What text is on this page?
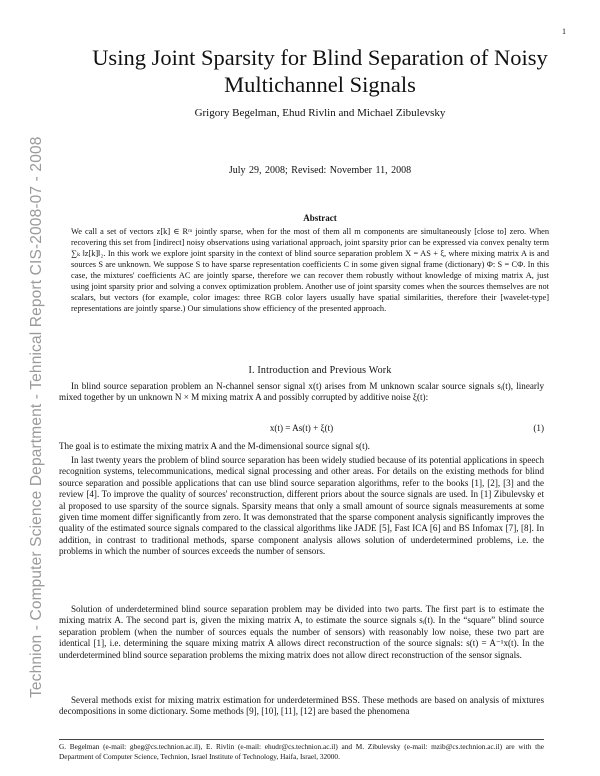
1
Technion - Computer Science Department - Tehnical Report CIS-2008-07 - 2008
Using Joint Sparsity for Blind Separation of Noisy Multichannel Signals
Grigory Begelman, Ehud Rivlin and Michael Zibulevsky
July 29, 2008; Revised: November 11, 2008
Abstract

We call a set of vectors z[k] ∈ Rᵐ jointly sparse, when for the most of them all m components are simultaneously [close to] zero. When recovering this set from [indirect] noisy observations using variational approach, joint sparsity prior can be expressed via convex penalty term ∑ₖ ‖z[k]‖₂. In this work we explore joint sparsity in the context of blind source separation problem X = AS + ξ, where mixing matrix A is and sources S are unknown. We suppose S to have sparse representation coefficients C in some given signal frame (dictionary) Φ: S = CΦ. In this case, the mixtures' coefficients AC are jointly sparse, therefore we can recover them robustly without knowledge of mixing matrix A, just using joint sparsity prior and solving a convex optimization problem. Another use of joint sparsity comes when the sources themselves are not scalars, but vectors (for example, color images: three RGB color layers usually have spatial similarities, therefore their [wavelet-type] representations are jointly sparse.) Our simulations show efficiency of the presented approach.

I. Introduction and Previous Work

In blind source separation problem an N-channel sensor signal x(t) arises from M unknown scalar source signals sᵢ(t), linearly mixed together by un unknown N × M mixing matrix A and possibly corrupted by additive noise ξ(t):

x(t) = As(t) + ξ(t)	(1)

The goal is to estimate the mixing matrix A and the M-dimensional source signal s(t).

In last twenty years the problem of blind source separation has been widely studied because of its potential applications in speech recognition systems, telecommunications, medical signal processing and other areas. For details on the existing methods for blind source separation and possible applications that can use blind source separation algorithms, refer to the books [1], [2], [3] and the review [4]. To improve the quality of sources' reconstruction, different priors about the source signals are used. In [1] Zibulevsky et al proposed to use sparsity of the source signals. Sparsity means that only a small amount of source signals measurements at some given time moment differ significantly from zero. It was demonstrated that the sparse component analysis significantly improves the quality of the estimated source signals compared to the classical algorithms like JADE [5], Fast ICA [6] and BS Infomax [7], [8]. In addition, in contrast to traditional methods, sparse component analysis allows solution of underdetermined problems, i.e. the problems in which the number of sources exceeds the number of sensors.

Solution of underdetermined blind source separation problem may be divided into two parts. The first part is to estimate the mixing matrix A. The second part is, given the mixing matrix A, to estimate the source signals sᵢ(t). In the “square” blind source separation problem (when the number of sources equals the number of sensors) with reasonably low noise, these two part are identical [1], i.e. determining the square mixing matrix A allows direct reconstruction of the source signals: s(t) = A⁻¹x(t). In the underdetermined blind source separation problems the mixing matrix does not allow direct reconstruction of the sensor signals.

Several methods exist for mixing matrix estimation for underdetermined BSS. These methods are based on analysis of mixtures decompositions in some dictionary. Some methods [9], [10], [11], [12] are based the phenomena

G. Begelman (e-mail: gbeg@cs.technion.ac.il), E. Rivlin (e-mail: ehudr@cs.technion.ac.il) and M. Zibulevsky (e-mail: mzib@cs.technion.ac.il) are with the Department of Computer Science, Technion, Israel Institute of Technology, Haifa, Israel, 32000.
